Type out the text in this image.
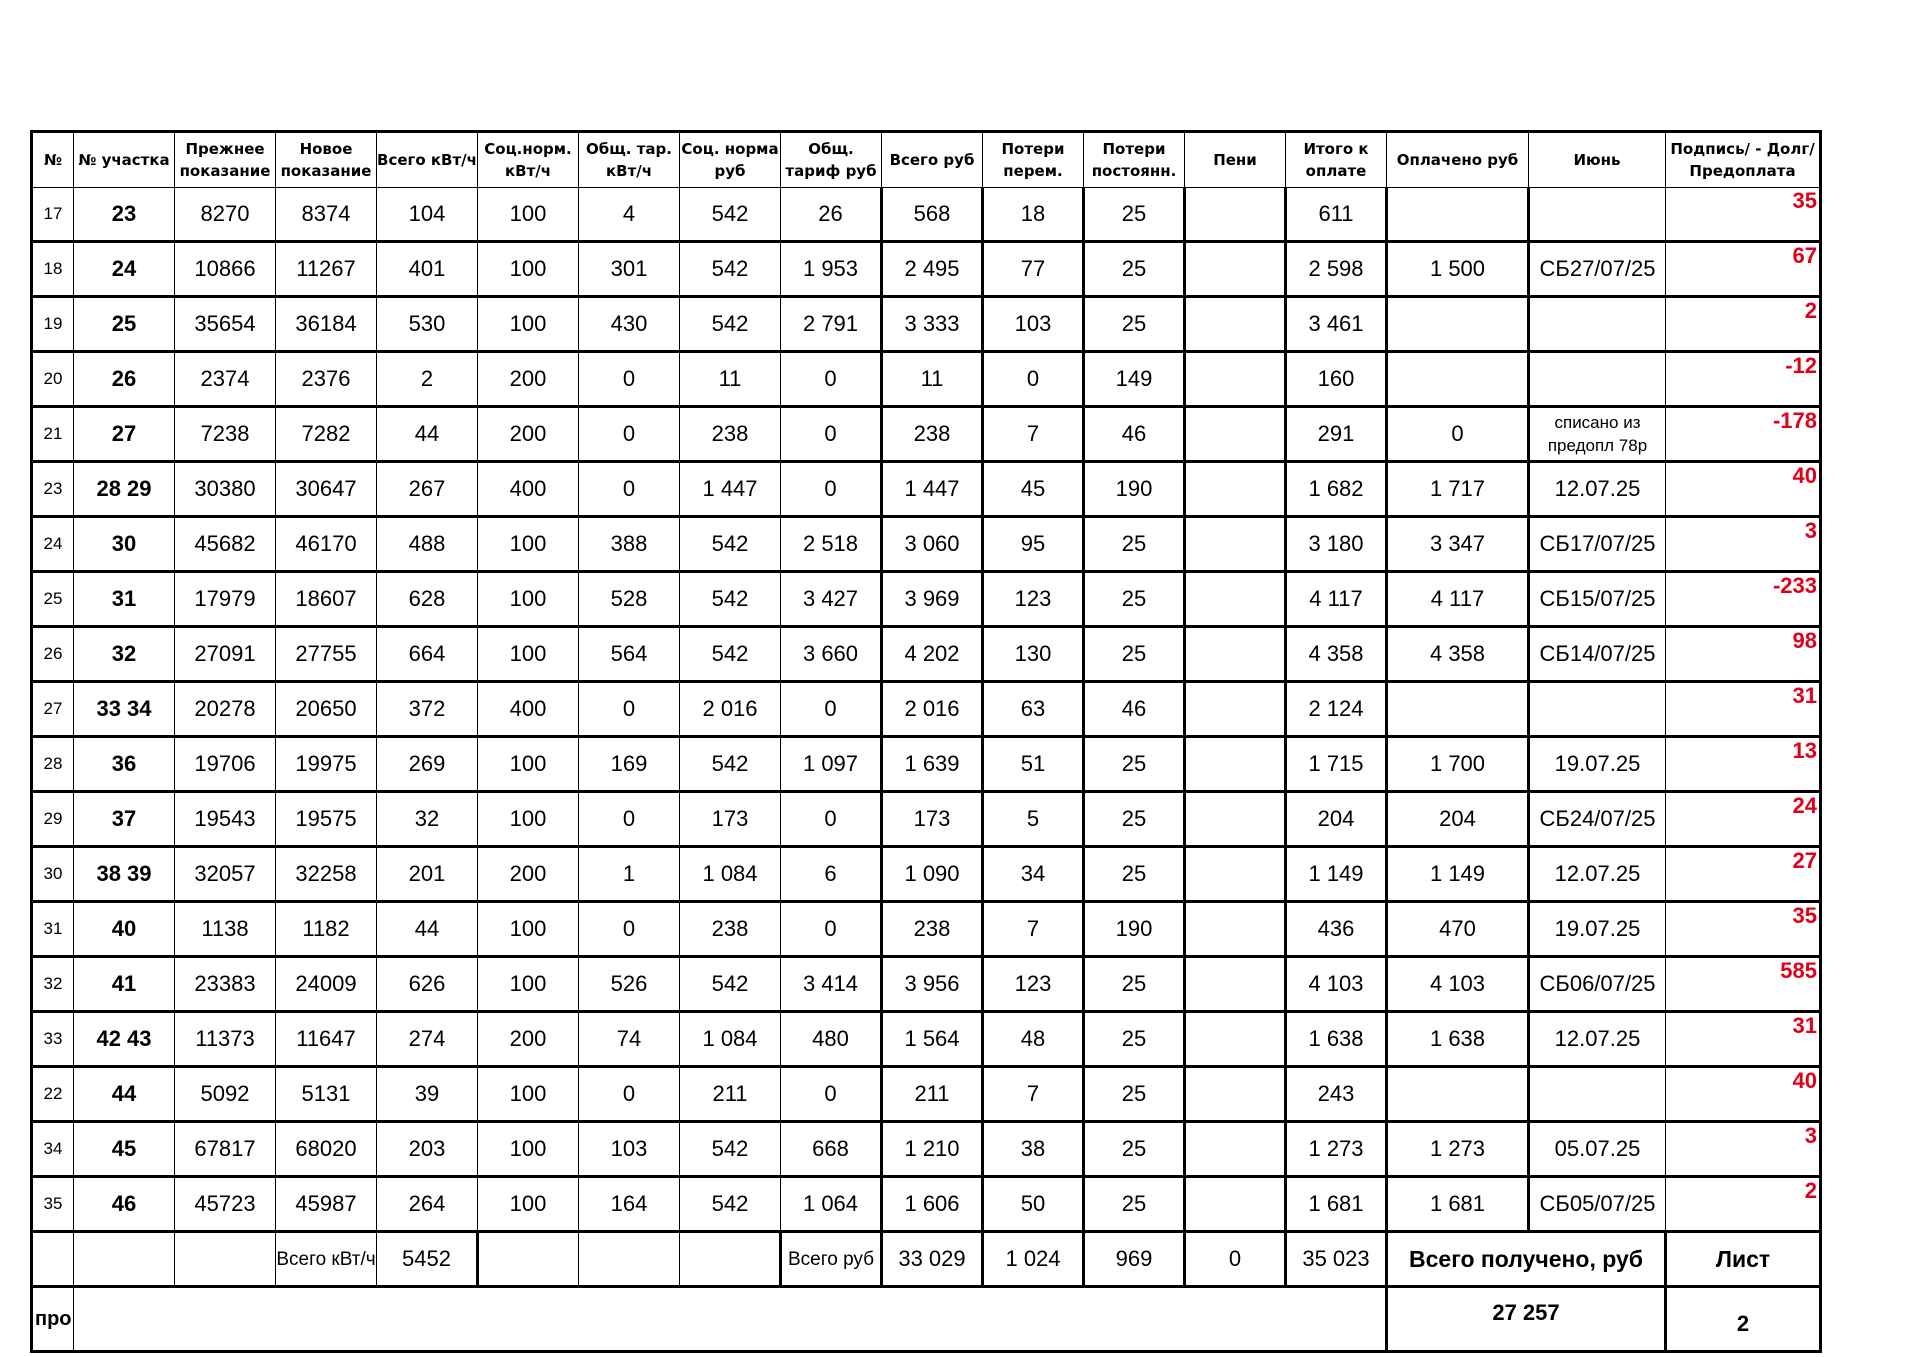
№	№ участка	Прежнее показание	Новое показание	Всего кВт/ч	Соц.норм. кВт/ч	Общ. тар. кВт/ч	Соц. норма руб	Общ. тариф руб	Всего руб	Потери перем.	Потери постоянн.	Пени	Итого к оплате	Оплачено руб	Июнь	Подпись/ - Долг/Предоплата
17	23	8270	8374	104	100	4	542	26	568	18	25		611			35
18	24	10866	11267	401	100	301	542	1 953	2 495	77	25		2 598	1 500	СБ27/07/25	67
19	25	35654	36184	530	100	430	542	2 791	3 333	103	25		3 461			2
20	26	2374	2376	2	200	0	11	0	11	0	149		160			-12
21	27	7238	7282	44	200	0	238	0	238	7	46		291	0	списано из предопл 78р	-178
23	28 29	30380	30647	267	400	0	1 447	0	1 447	45	190		1 682	1 717	12.07.25	40
24	30	45682	46170	488	100	388	542	2 518	3 060	95	25		3 180	3 347	СБ17/07/25	3
25	31	17979	18607	628	100	528	542	3 427	3 969	123	25		4 117	4 117	СБ15/07/25	-233
26	32	27091	27755	664	100	564	542	3 660	4 202	130	25		4 358	4 358	СБ14/07/25	98
27	33 34	20278	20650	372	400	0	2 016	0	2 016	63	46		2 124			31
28	36	19706	19975	269	100	169	542	1 097	1 639	51	25		1 715	1 700	19.07.25	13
29	37	19543	19575	32	100	0	173	0	173	5	25		204	204	СБ24/07/25	24
30	38 39	32057	32258	201	200	1	1 084	6	1 090	34	25		1 149	1 149	12.07.25	27
31	40	1138	1182	44	100	0	238	0	238	7	190		436	470	19.07.25	35
32	41	23383	24009	626	100	526	542	3 414	3 956	123	25		4 103	4 103	СБ06/07/25	585
33	42 43	11373	11647	274	200	74	1 084	480	1 564	48	25		1 638	1 638	12.07.25	31
22	44	5092	5131	39	100	0	211	0	211	7	25		243			40
34	45	67817	68020	203	100	103	542	668	1 210	38	25		1 273	1 273	05.07.25	3
35	46	45723	45987	264	100	164	542	1 064	1 606	50	25		1 681	1 681	СБ05/07/25	2
			Всего кВт/ч	5452				Всего руб	33 029	1 024	969	0	35 023	Всего получено, руб		Лист
про														27 257		2
